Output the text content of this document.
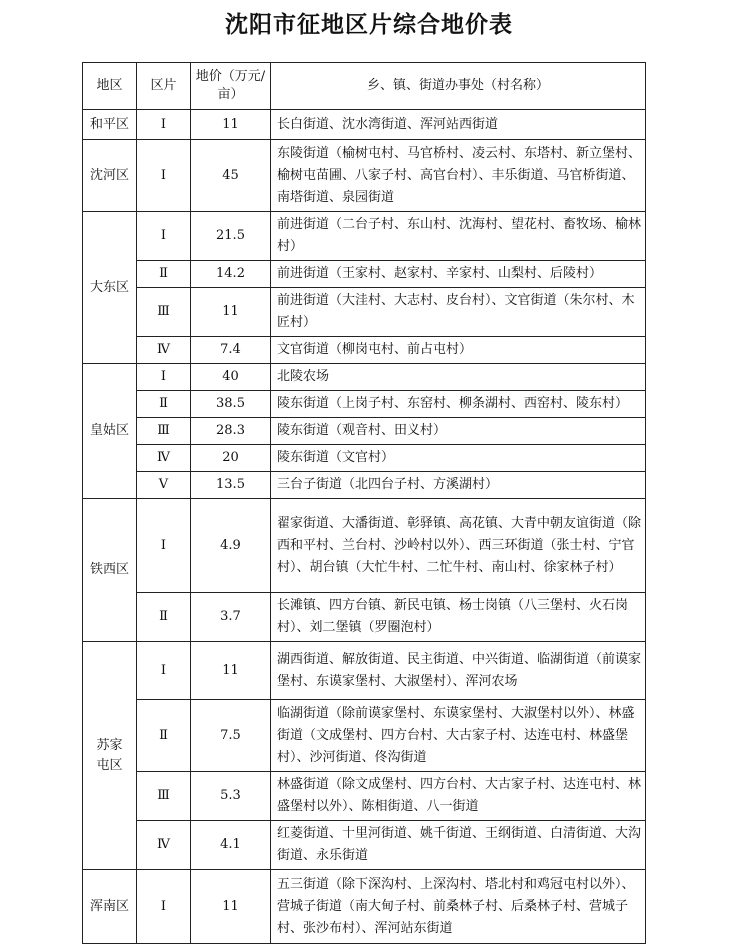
沈阳市征地区片综合地价表
地区	区片	地价（万元/亩）	乡、镇、街道办事处（村名称）
和平区	Ⅰ	11	长白街道、沈水湾街道、浑河站西街道
沈河区	Ⅰ	45	东陵街道（榆树屯村、马官桥村、凌云村、东塔村、新立堡村、榆树屯苗圃、八家子村、高官台村）、丰乐街道、马官桥街道、南塔街道、泉园街道
大东区	Ⅰ	21.5	前进街道（二台子村、东山村、沈海村、望花村、畜牧场、榆林村）
	Ⅱ	14.2	前进街道（王家村、赵家村、辛家村、山梨村、后陵村）
	Ⅲ	11	前进街道（大洼村、大志村、皮台村）、文官街道（朱尔村、木匠村）
	Ⅳ	7.4	文官街道（柳岗屯村、前占屯村）
皇姑区	Ⅰ	40	北陵农场
	Ⅱ	38.5	陵东街道（上岗子村、东窑村、柳条湖村、西窑村、陵东村）
	Ⅲ	28.3	陵东街道（观音村、田义村）
	Ⅳ	20	陵东街道（文官村）
	Ⅴ	13.5	三台子街道（北四台子村、方溪湖村）
铁西区	Ⅰ	4.9	翟家街道、大潘街道、彰驿镇、高花镇、大青中朝友谊街道（除西和平村、兰台村、沙岭村以外）、西三环街道（张士村、宁官村）、胡台镇（大忙牛村、二忙牛村、南山村、徐家林子村）
	Ⅱ	3.7	长滩镇、四方台镇、新民屯镇、杨士岗镇（八三堡村、火石岗村）、刘二堡镇（罗圈泡村）
苏家屯区	Ⅰ	11	湖西街道、解放街道、民主街道、中兴街道、临湖街道（前谟家堡村、东谟家堡村、大淑堡村）、浑河农场
	Ⅱ	7.5	临湖街道（除前谟家堡村、东谟家堡村、大淑堡村以外）、林盛街道（文成堡村、四方台村、大古家子村、达连屯村、林盛堡村）、沙河街道、佟沟街道
	Ⅲ	5.3	林盛街道（除文成堡村、四方台村、大古家子村、达连屯村、林盛堡村以外）、陈相街道、八一街道
	Ⅳ	4.1	红菱街道、十里河街道、姚千街道、王纲街道、白清街道、大沟街道、永乐街道
浑南区	Ⅰ	11	五三街道（除下深沟村、上深沟村、塔北村和鸡冠屯村以外）、营城子街道（南大甸子村、前桑林子村、后桑林子村、营城子村、张沙布村）、浑河站东街道
